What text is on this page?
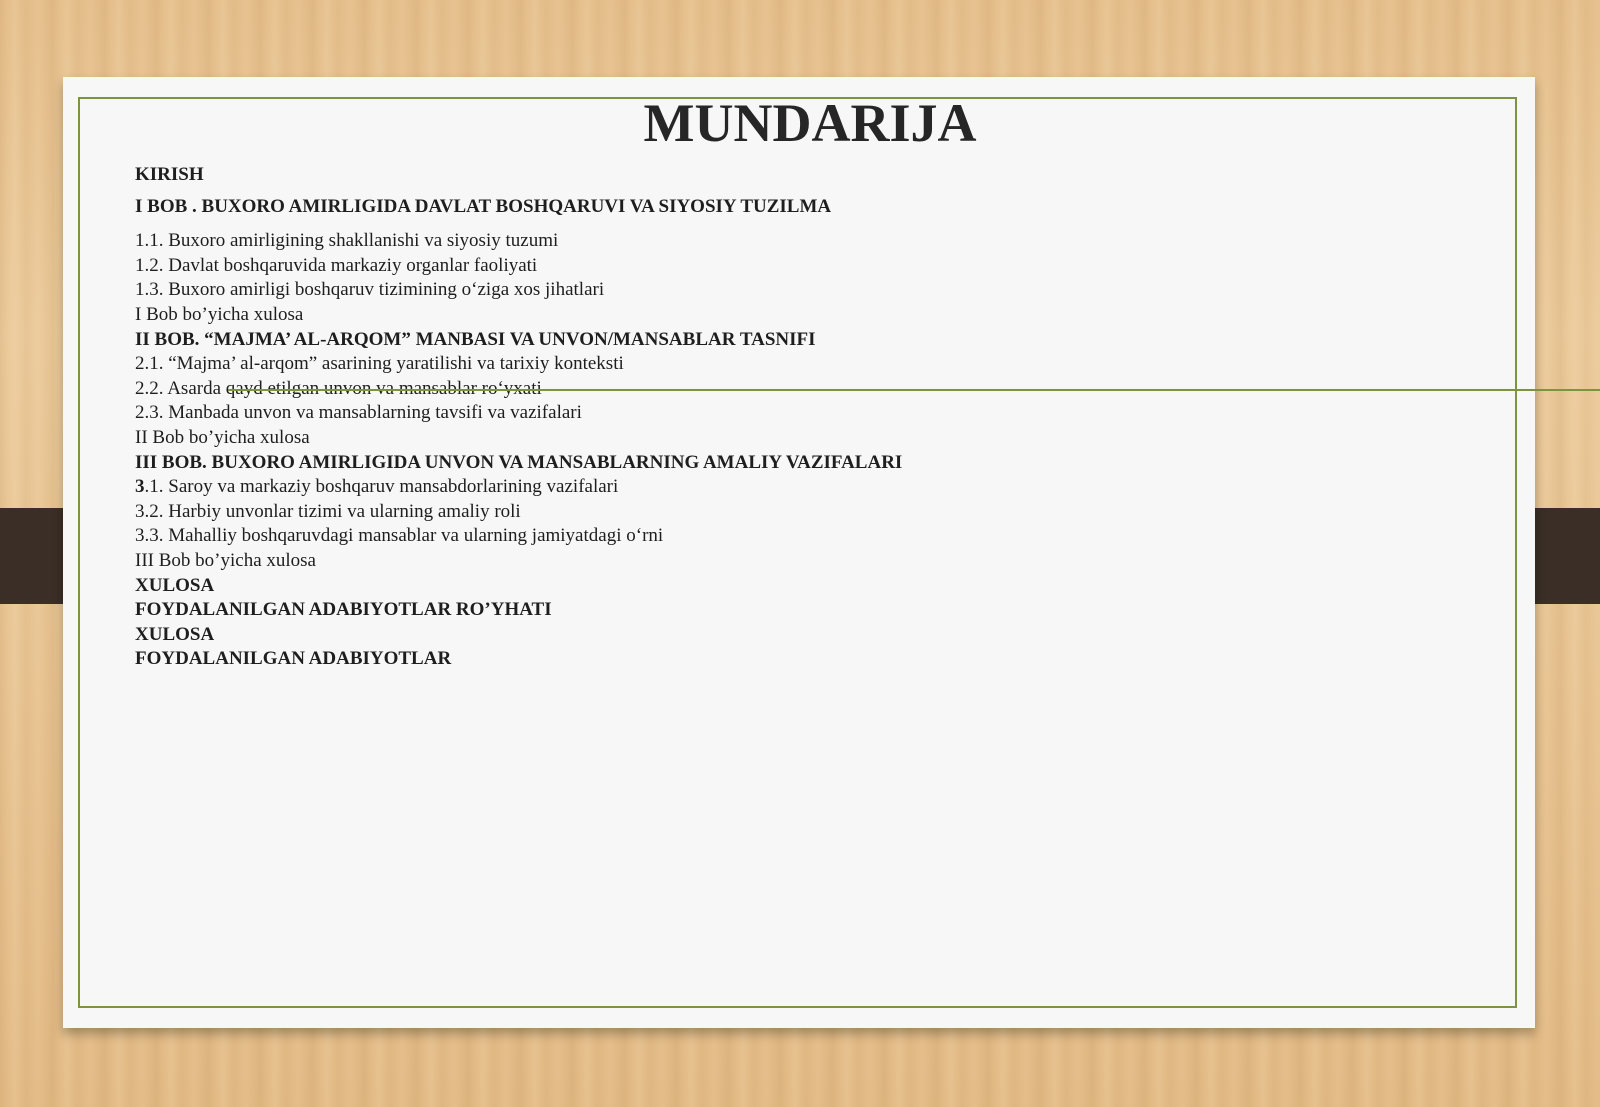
MUNDARIJA
KIRISH
I BOB . BUXORO AMIRLIGIDA DAVLAT BOSHQARUVI VA SIYOSIY TUZILMA
1.1. Buxoro amirligining shakllanishi va siyosiy tuzumi
1.2. Davlat boshqaruvida markaziy organlar faoliyati
1.3. Buxoro amirligi boshqaruv tizimining o‘ziga xos jihatlari
I Bob bo’yicha xulosa
II BOB. “MAJMA’ AL-ARQOM” MANBASI VA UNVON/MANSABLAR TASNIFI
2.1. “Majma’ al-arqom” asarining yaratilishi va tarixiy konteksti
2.2. Asarda qayd etilgan unvon va mansablar ro‘yxati
2.3. Manbada unvon va mansablarning tavsifi va vazifalari
II Bob bo’yicha xulosa
III BOB. BUXORO AMIRLIGIDA UNVON VA MANSABLARNING AMALIY VAZIFALARI
3.1. Saroy va markaziy boshqaruv mansabdorlarining vazifalari
3.2. Harbiy unvonlar tizimi va ularning amaliy roli
3.3. Mahalliy boshqaruvdagi mansablar va ularning jamiyatdagi o‘rni
III Bob bo’yicha xulosa
XULOSA
FOYDALANILGAN ADABIYOTLAR RO’YHATI
XULOSA
FOYDALANILGAN ADABIYOTLAR
